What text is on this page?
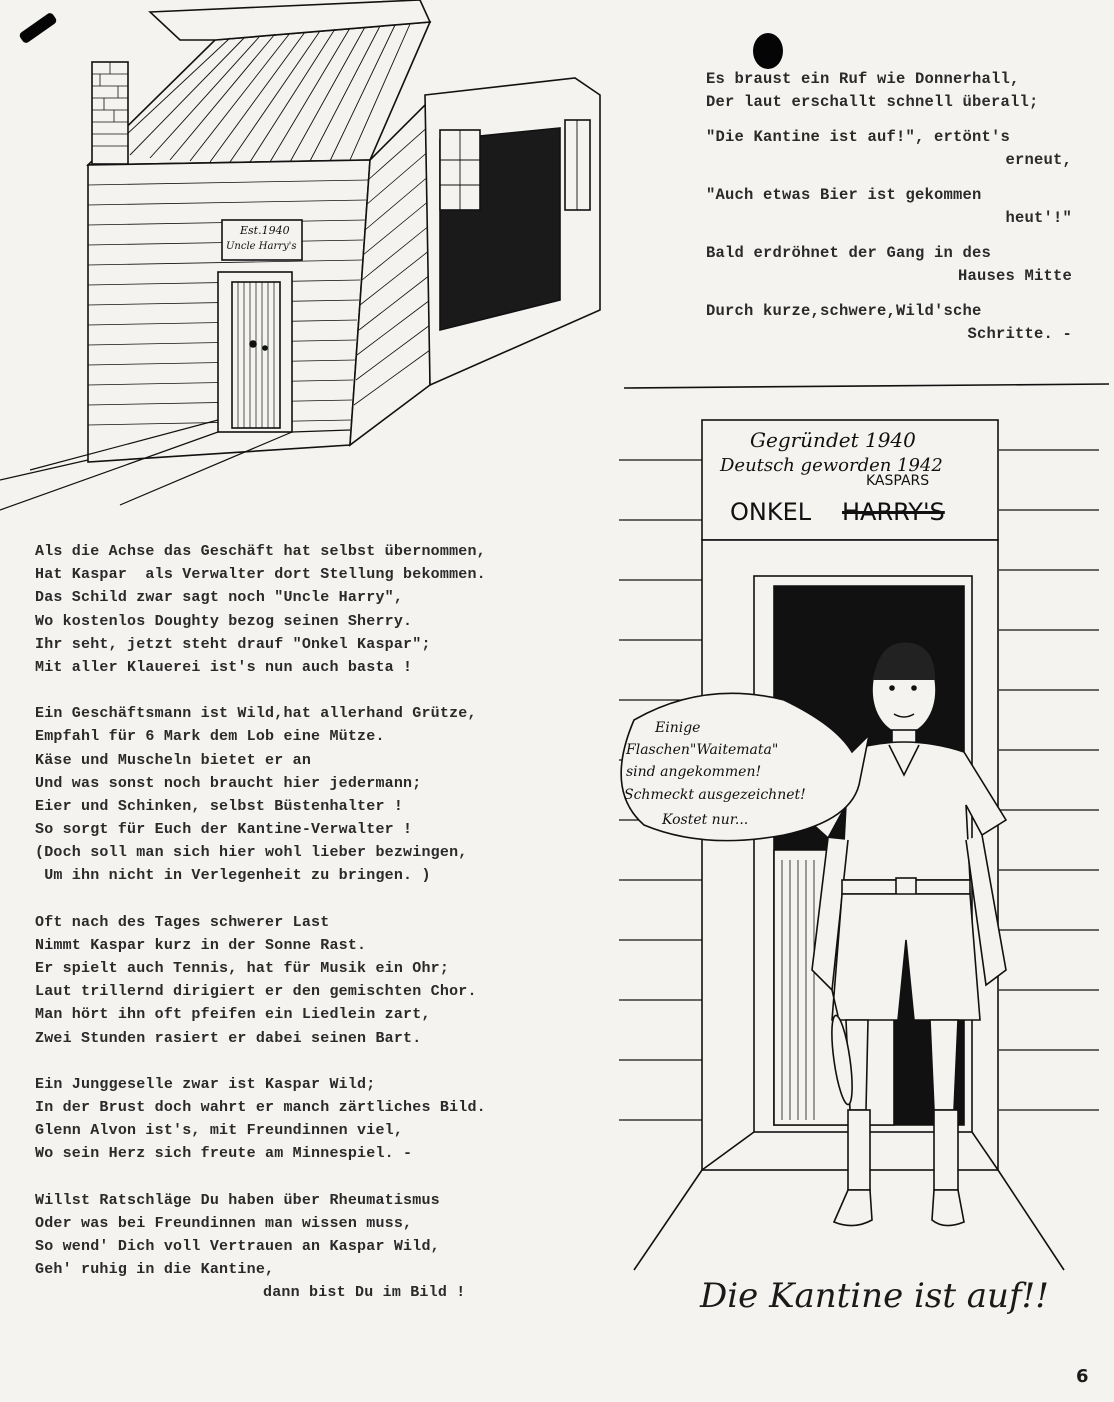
Est.1940
Uncle Harry's
Es braust ein Ruf wie Donnerhall,
Der laut erschallt schnell überall;
"Die Kantine ist auf!", ertönt's
erneut,
"Auch etwas Bier ist gekommen
heut'!"
Bald erdröhnet der Gang in des
Hauses Mitte
Durch kurze,schwere,Wild'sche
Schritte. -
Als die Achse das Geschäft hat selbst übernommen,
Hat Kaspar  als Verwalter dort Stellung bekommen.
Das Schild zwar sagt noch "Uncle Harry",
Wo kostenlos Doughty bezog seinen Sherry.
Ihr seht, jetzt steht drauf "Onkel Kaspar";
Mit aller Klauerei ist's nun auch basta !
Ein Geschäftsmann ist Wild,hat allerhand Grütze,
Empfahl für 6 Mark dem Lob eine Mütze.
Käse und Muscheln bietet er an
Und was sonst noch braucht hier jedermann;
Eier und Schinken, selbst Büstenhalter !
So sorgt für Euch der Kantine-Verwalter !
(Doch soll man sich hier wohl lieber bezwingen,
Um ihn nicht in Verlegenheit zu bringen. )
Oft nach des Tages schwerer Last
Nimmt Kaspar kurz in der Sonne Rast.
Er spielt auch Tennis, hat für Musik ein Ohr;
Laut trillernd dirigiert er den gemischten Chor.
Man hört ihn oft pfeifen ein Liedlein zart,
Zwei Stunden rasiert er dabei seinen Bart.
Ein Junggeselle zwar ist Kaspar Wild;
In der Brust doch wahrt er manch zärtliches Bild.
Glenn Alvon ist's, mit Freundinnen viel,
Wo sein Herz sich freute am Minnespiel. -
Willst Ratschläge Du haben über Rheumatismus
Oder was bei Freundinnen man wissen muss,
So wend' Dich voll Vertrauen an Kaspar Wild,
Geh' ruhig in die Kantine,
dann bist Du im Bild !
Gegründet 1940
Deutsch geworden 1942
KASPARS
ONKEL HARRY'S
Einige
Flaschen"Waitemata"
sind angekommen!
Schmeckt ausgezeichnet!
Kostet nur...
Die Kantine ist auf!!
6
